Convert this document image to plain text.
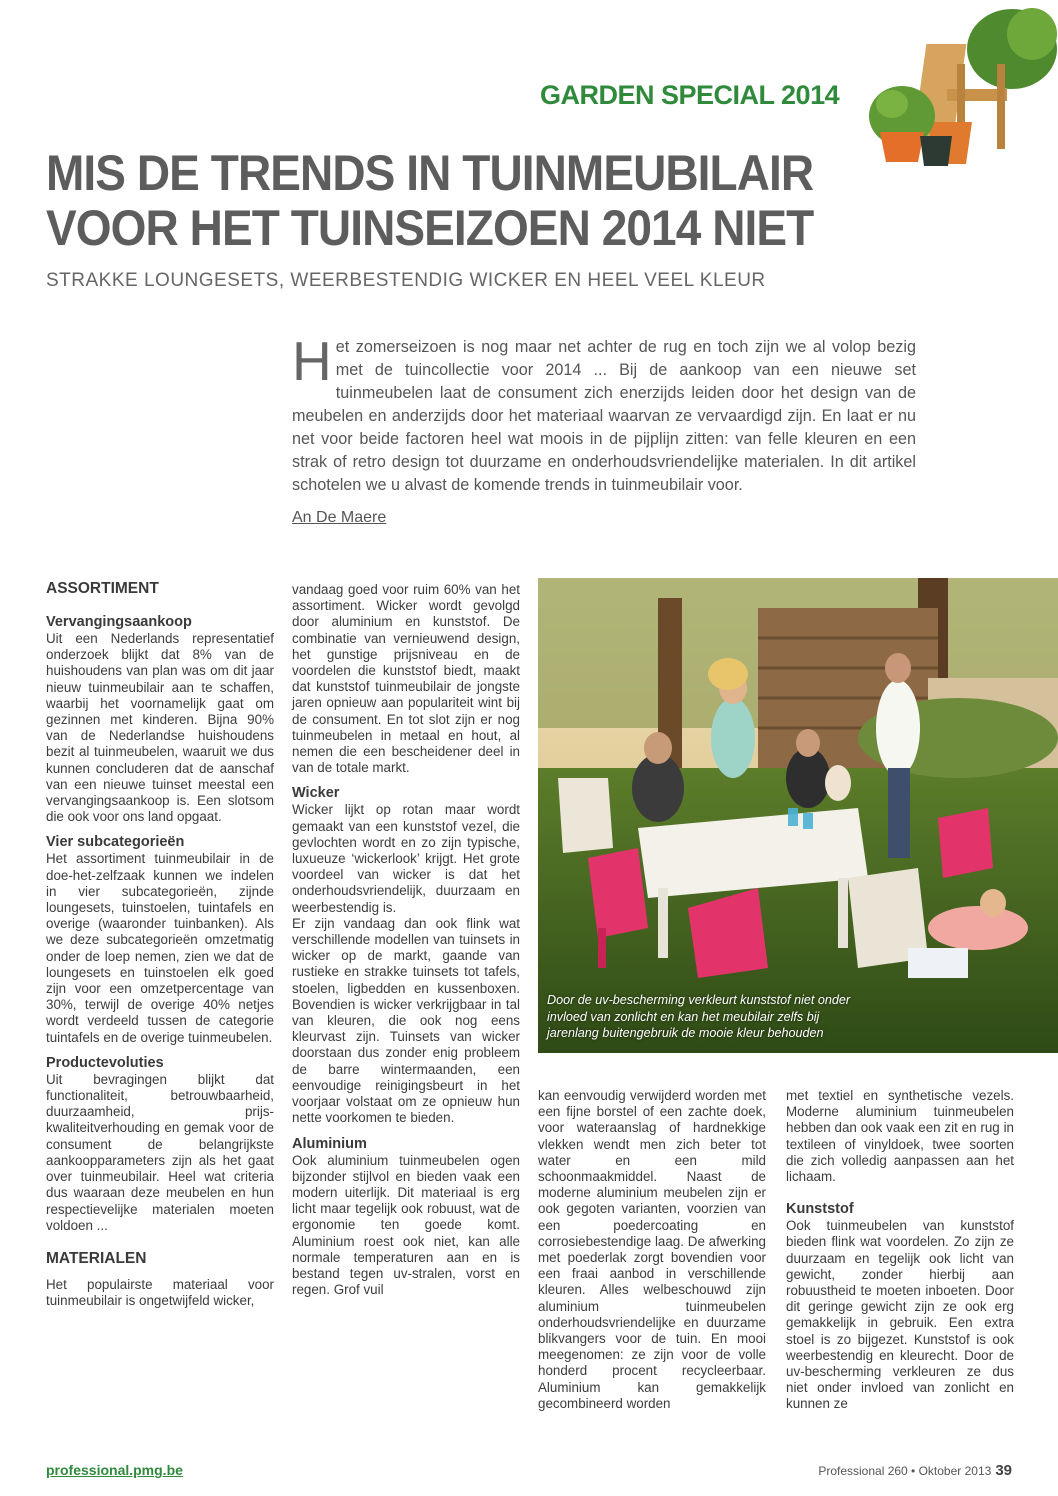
GARDEN SPECIAL 2014
MIS DE TRENDS IN TUINMEUBILAIR
VOOR HET TUINSEIZOEN 2014 NIET
STRAKKE LOUNGESETS, WEERBESTENDIG WICKER EN HEEL VEEL KLEUR
Het zomerseizoen is nog maar net achter de rug en toch zijn we al volop bezig met de tuincollectie voor 2014 ... Bij de aankoop van een nieuwe set tuinmeubelen laat de consument zich enerzijds leiden door het design van de meubelen en anderzijds door het materiaal waarvan ze vervaardigd zijn. En laat er nu net voor beide factoren heel wat moois in de pijplijn zitten: van felle kleuren en een strak of retro design tot duurzame en onderhoudsvriendelijke materialen. In dit artikel schotelen we u alvast de komende trends in tuinmeubilair voor.
An De Maere
ASSORTIMENT
Vervangingsaankoop

Uit een Nederlands representatief onderzoek blijkt dat 8% van de huishoudens van plan was om dit jaar nieuw tuinmeubilair aan te schaffen, waarbij het voornamelijk gaat om gezinnen met kinderen. Bijna 90% van de Nederlandse huishoudens bezit al tuinmeubelen, waaruit we dus kunnen concluderen dat de aanschaf van een nieuwe tuinset meestal een vervangingsaankoop is. Een slotsom die ook voor ons land opgaat.

Vier subcategorieën

Het assortiment tuinmeubilair in de doe-het-zelfzaak kunnen we indelen in vier subcategorieën, zijnde loungesets, tuinstoelen, tuintafels en overige (waaronder tuinbanken). Als we deze subcategorieën omzetmatig onder de loep nemen, zien we dat de loungesets en tuinstoelen elk goed zijn voor een omzetpercentage van 30%, terwijl de overige 40% netjes wordt verdeeld tussen de categorie tuintafels en de overige tuinmeubelen.

Productevoluties

Uit bevragingen blijkt dat functionaliteit, betrouwbaarheid, duurzaamheid, prijs-kwaliteitverhouding en gemak voor de consument de belangrijkste aankoopparameters zijn als het gaat over tuinmeubilair. Heel wat criteria dus waaraan deze meubelen en hun respectievelijke materialen moeten voldoen ...

MATERIALEN

Het populairste materiaal voor tuinmeubilair is ongetwijfeld wicker,

vandaag goed voor ruim 60% van het assortiment. Wicker wordt gevolgd door aluminium en kunststof. De combinatie van vernieuwend design, het gunstige prijsniveau en de voordelen die kunststof biedt, maakt dat kunststof tuinmeubilair de jongste jaren opnieuw aan populariteit wint bij de consument. En tot slot zijn er nog tuinmeubelen in metaal en hout, al nemen die een bescheidener deel in van de totale markt.

Wicker

Wicker lijkt op rotan maar wordt gemaakt van een kunststof vezel, die gevlochten wordt en zo zijn typische, luxueuze ‘wickerlook’ krijgt. Het grote voordeel van wicker is dat het onderhoudsvriendelijk, duurzaam en weerbestendig is.

Er zijn vandaag dan ook flink wat verschillende modellen van tuinsets in wicker op de markt, gaande van rustieke en strakke tuinsets tot tafels, stoelen, ligbedden en kussenboxen. Bovendien is wicker verkrijgbaar in tal van kleuren, die ook nog eens kleurvast zijn. Tuinsets van wicker doorstaan dus zonder enig probleem de barre wintermaanden, een eenvoudige reinigingsbeurt in het voorjaar volstaat om ze opnieuw hun nette voorkomen te bieden.

Aluminium

Ook aluminium tuinmeubelen ogen bijzonder stijlvol en bieden vaak een modern uiterlijk. Dit materiaal is erg licht maar tegelijk ook robuust, wat de ergonomie ten goede komt. Aluminium roest ook niet, kan alle normale temperaturen aan en is bestand tegen uv-stralen, vorst en regen. Grof vuil

Door de uv-bescherming verkleurt kunststof niet onder invloed van zonlicht en kan het meubilair zelfs bij jarenlang buitengebruik de mooie kleur behouden

kan eenvoudig verwijderd worden met een fijne borstel of een zachte doek, voor wateraanslag of hardnekkige vlekken wendt men zich beter tot water en een mild schoonmaakmiddel. Naast de moderne aluminium meubelen zijn er ook gegoten varianten, voorzien van een poedercoating en corrosiebestendige laag. De afwerking met poederlak zorgt bovendien voor een fraai aanbod in verschillende kleuren. Alles welbeschouwd zijn aluminium tuinmeubelen onderhoudsvriendelijke en duurzame blikvangers voor de tuin. En mooi meegenomen: ze zijn voor de volle honderd procent recycleerbaar. Aluminium kan gemakkelijk gecombineerd worden

met textiel en synthetische vezels. Moderne aluminium tuinmeubelen hebben dan ook vaak een zit en rug in textileen of vinyldoek, twee soorten die zich volledig aanpassen aan het lichaam.

Kunststof

Ook tuinmeubelen van kunststof bieden flink wat voordelen. Zo zijn ze duurzaam en tegelijk ook licht van gewicht, zonder hierbij aan robuustheid te moeten inboeten. Door dit geringe gewicht zijn ze ook erg gemakkelijk in gebruik. Een extra stoel is zo bijgezet. Kunststof is ook weerbestendig en kleurecht. Door de uv-bescherming verkleuren ze dus niet onder invloed van zonlicht en kunnen ze

professional.pmg.be	Professional 260 • Oktober 2013 39
